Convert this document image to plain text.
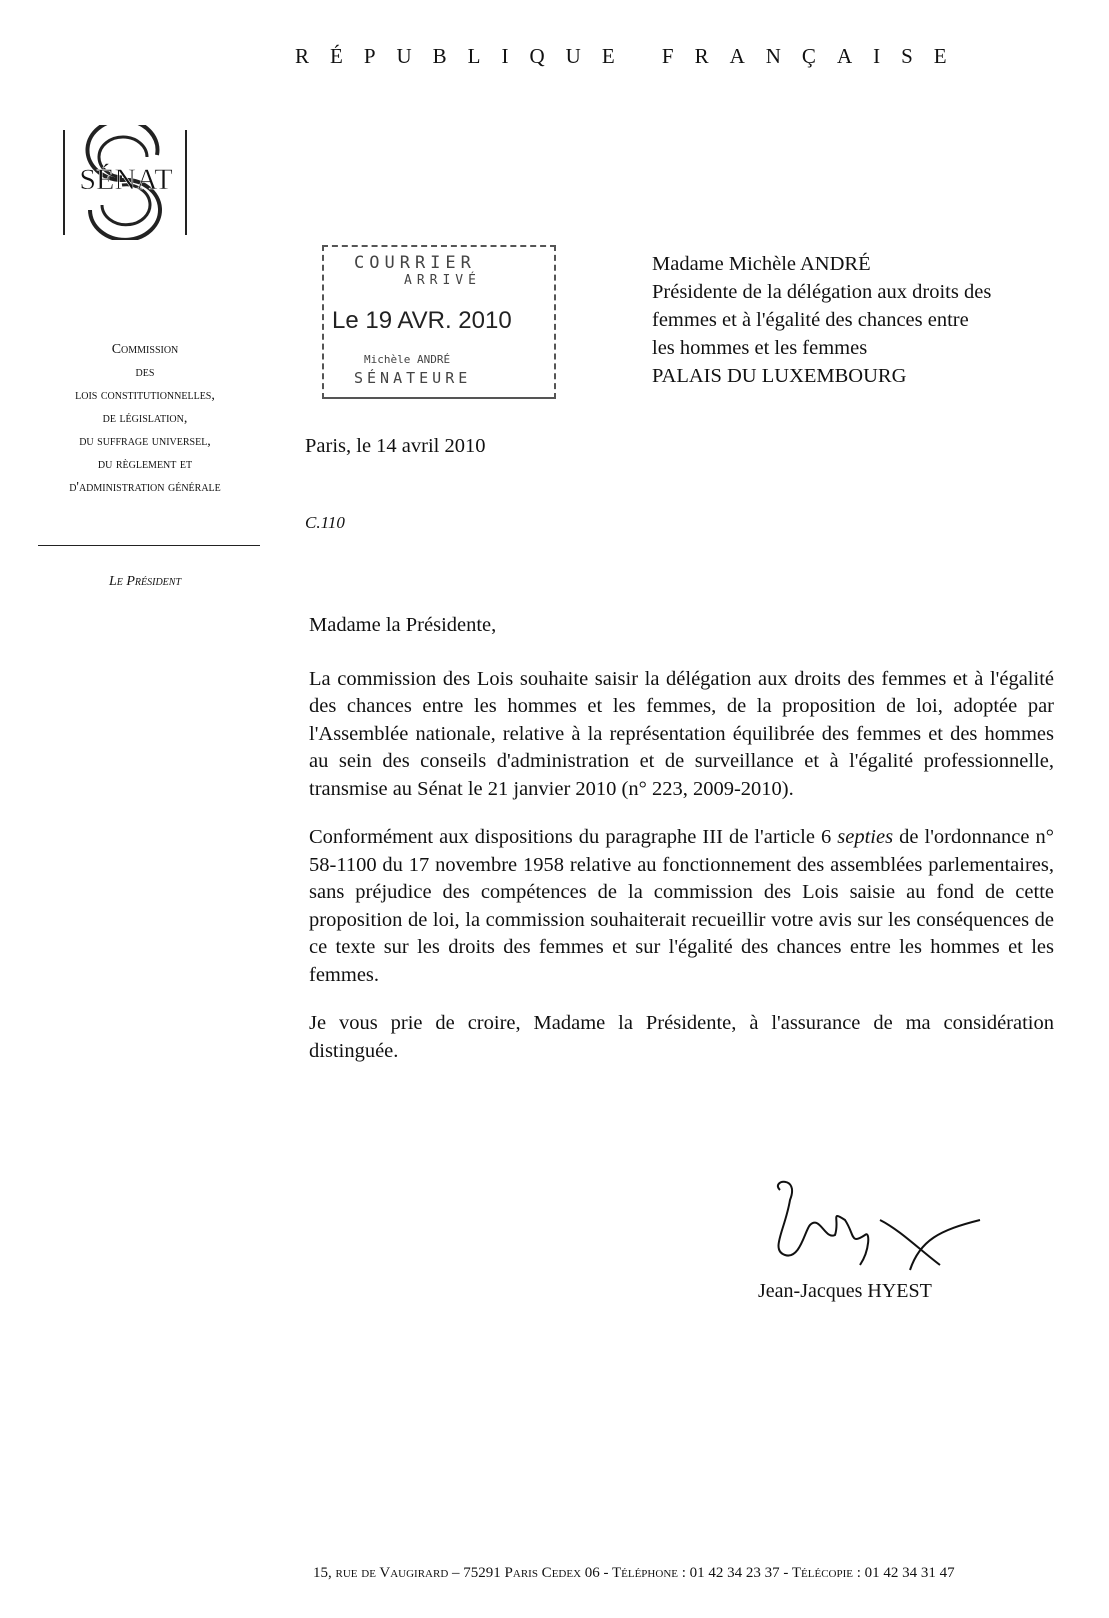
RÉPUBLIQUE FRANÇAISE
SÉNAT
Commission
des
lois constitutionnelles,
de législation,
du suffrage universel,
du règlement et
d'administration générale
Le Président
COURRIER
ARRIVÉ
Le 19 AVR. 2010
Michèle ANDRÉ
SÉNATEURE
Madame Michèle ANDRÉ
Présidente de la délégation aux droits des
femmes et à l'égalité des chances entre
les hommes et les femmes
PALAIS DU LUXEMBOURG
Paris, le 14 avril 2010
C.110

Madame la Présidente,

La commission des Lois souhaite saisir la délégation aux droits des femmes et à l'égalité des chances entre les hommes et les femmes, de la proposition de loi, adoptée par l'Assemblée nationale, relative à la représentation équilibrée des femmes et des hommes au sein des conseils d'administration et de surveillance et à l'égalité professionnelle, transmise au Sénat le 21 janvier 2010 (n° 223, 2009-2010).

Conformément aux dispositions du paragraphe III de l'article 6 septies de l'ordonnance n° 58-1100 du 17 novembre 1958 relative au fonctionnement des assemblées parlementaires, sans préjudice des compétences de la commission des Lois saisie au fond de cette proposition de loi, la commission souhaiterait recueillir votre avis sur les conséquences de ce texte sur les droits des femmes et sur l'égalité des chances entre les hommes et les femmes.

Je vous prie de croire, Madame la Présidente, à l'assurance de ma considération distinguée.

Jean-Jacques HYEST
15, rue de Vaugirard – 75291 Paris Cedex 06 - Téléphone : 01 42 34 23 37 - Télécopie : 01 42 34 31 47
